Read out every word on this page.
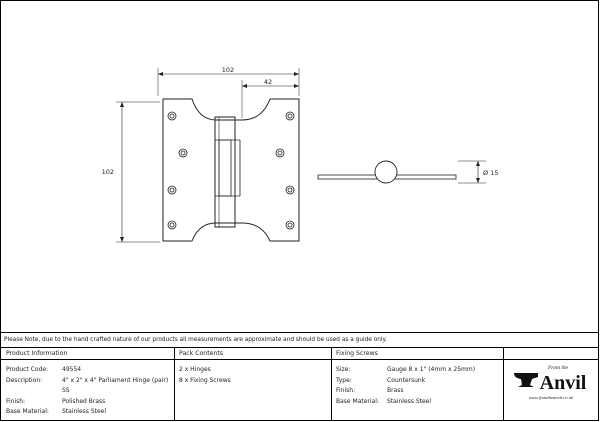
102
42
102	Ø 15
Please Note, due to the hand crafted nature of our products all measurements are approximate and should be used as a guide only.
Product Information	Pack Contents	Fixing Screws
Product Code: 49554
Description:	4" x 2" x 4" Parliament Hinge (pair)
SS
Finish:	Polished Brass
Base Material: Stainless Steel
2 x Hinges
8 x Fixing Screws
Size:	Gauge 8 x 1" (4mm x 25mm)
Type:	Countersunk
Finish:	Brass
Base Material: Stainless Steel
From the
Anvil
www.fromtheanvil.co.uk
